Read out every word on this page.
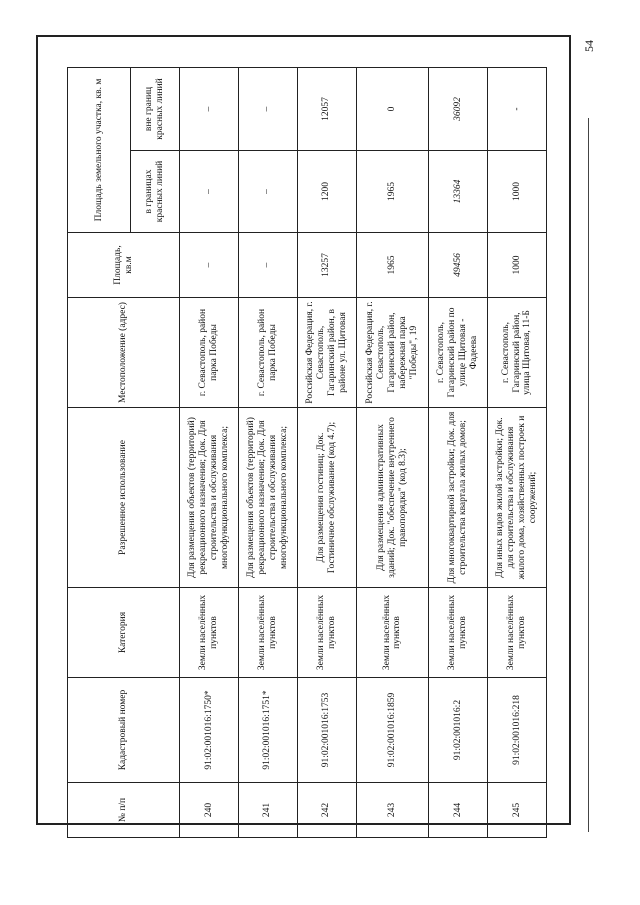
54
№ п/п	Кадастровый номер	Категория	Разрешенное использование	Местоположение (адрес)	Площадь, кв.м	Площадь земельного участка, кв. м	
						в границах красных линий	вне границ красных линий
240	91:02:001016:1750*	Земли населённых пунктов	Для размещения объектов (территорий) рекреационного назначения; Док. Для строительства и обслуживания многофункционального комплекса;	г. Севастополь, район парка Победы	–	–	–
241	91:02:001016:1751*	Земли населённых пунктов	Для размещения объектов (территорий) рекреационного назначения; Док. Для строительства и обслуживания многофункционального комплекса;	г. Севастополь, район парка Победы	–	–	–
242	91:02:001016:1753	Земли населённых пунктов	Для размещения гостиниц; Док. Гостиничное обслуживание (код 4.7);	Российская Федерация, г. Севастополь, Гагаринский район, в районе ул. Щитовая	13257	1200	12057
243	91:02:001016:1859	Земли населённых пунктов	Для размещения административных зданий; Док. "обеспечение внутреннего правопорядка" (код 8.3);	Российская Федерация, г. Севастополь, Гагаринский район, набережная парка "Победы", 19	1965	1965	0
244	91:02:001016:2	Земли населённых пунктов	Для многоквартирной застройки; Док. для строительства квартала жилых домов;	г. Севастополь, Гагаринский район по улице Щитовая - Фадеева	49456	13364	36092
245	91:02:001016:218	Земли населённых пунктов	Для иных видов жилой застройки; Док. для строительства и обслуживания жилого дома, хозяйственных построек и сооружений;	г. Севастополь, Гагаринский район, улица Щитовая, 11-Б	1000	1000	-
